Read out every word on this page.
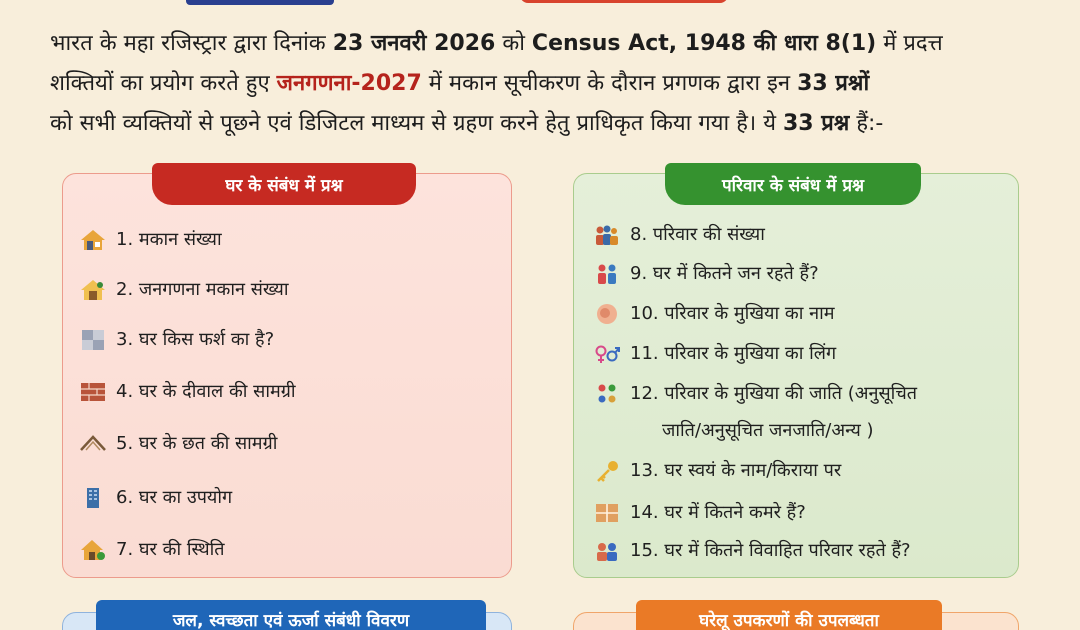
भारत के महा रजिस्ट्रार द्वारा दिनांक 23 जनवरी 2026 को Census Act, 1948 की धारा 8(1) में प्रदत्त
शक्तियों का प्रयोग करते हुए जनगणना-2027 में मकान सूचीकरण के दौरान प्रगणक द्वारा इन 33 प्रश्नों
को सभी व्यक्तियों से पूछने एवं डिजिटल माध्यम से ग्रहण करने हेतु प्राधिकृत किया गया है। ये 33 प्रश्न हैं:-
घर के संबंध में प्रश्न
1. मकान संख्या
2. जनगणना मकान संख्या
3. घर किस फर्श का है?
4. घर के दीवाल की सामग्री
5. घर के छत की सामग्री
6. घर का उपयोग
7. घर की स्थिति
परिवार के संबंध में प्रश्न
8. परिवार की संख्या
9. घर में कितने जन रहते हैं?
10. परिवार के मुखिया का नाम
11. परिवार के मुखिया का लिंग
12. परिवार के मुखिया की जाति (अनुसूचित
जाति/अनुसूचित जनजाति/अन्य )
13. घर स्वयं के नाम/किराया पर
14. घर में कितने कमरे हैं?
15. घर में कितने विवाहित परिवार रहते हैं?
जल, स्वच्छता एवं ऊर्जा संबंधी विवरण	घरेलू उपकरणों की उपलब्धता
